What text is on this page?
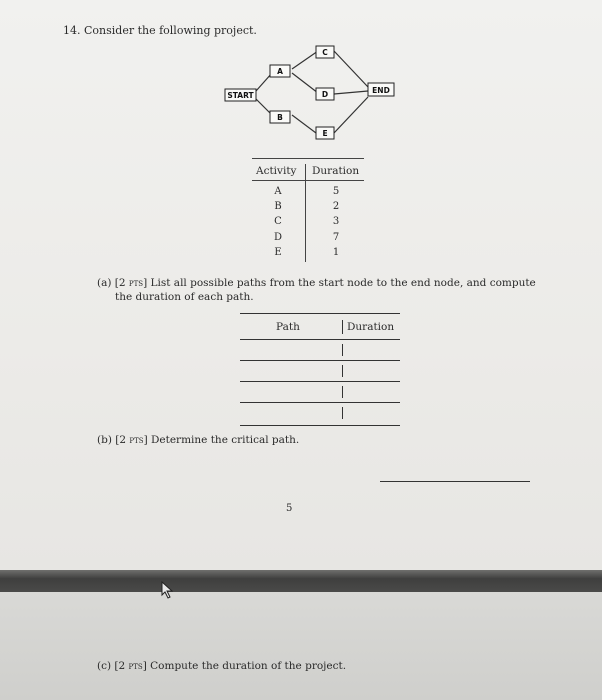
14. Consider the following project.
START
A
B
C
D
E
END
Activity Duration
A	5
B	2
C	3
D	7
E	1
(a) [2 pts] List all possible paths from the start node to the end node, and compute
the duration of each path.
Path	Duration
(b) [2 pts] Determine the critical path.
5
(c) [2 pts] Compute the duration of the project.
